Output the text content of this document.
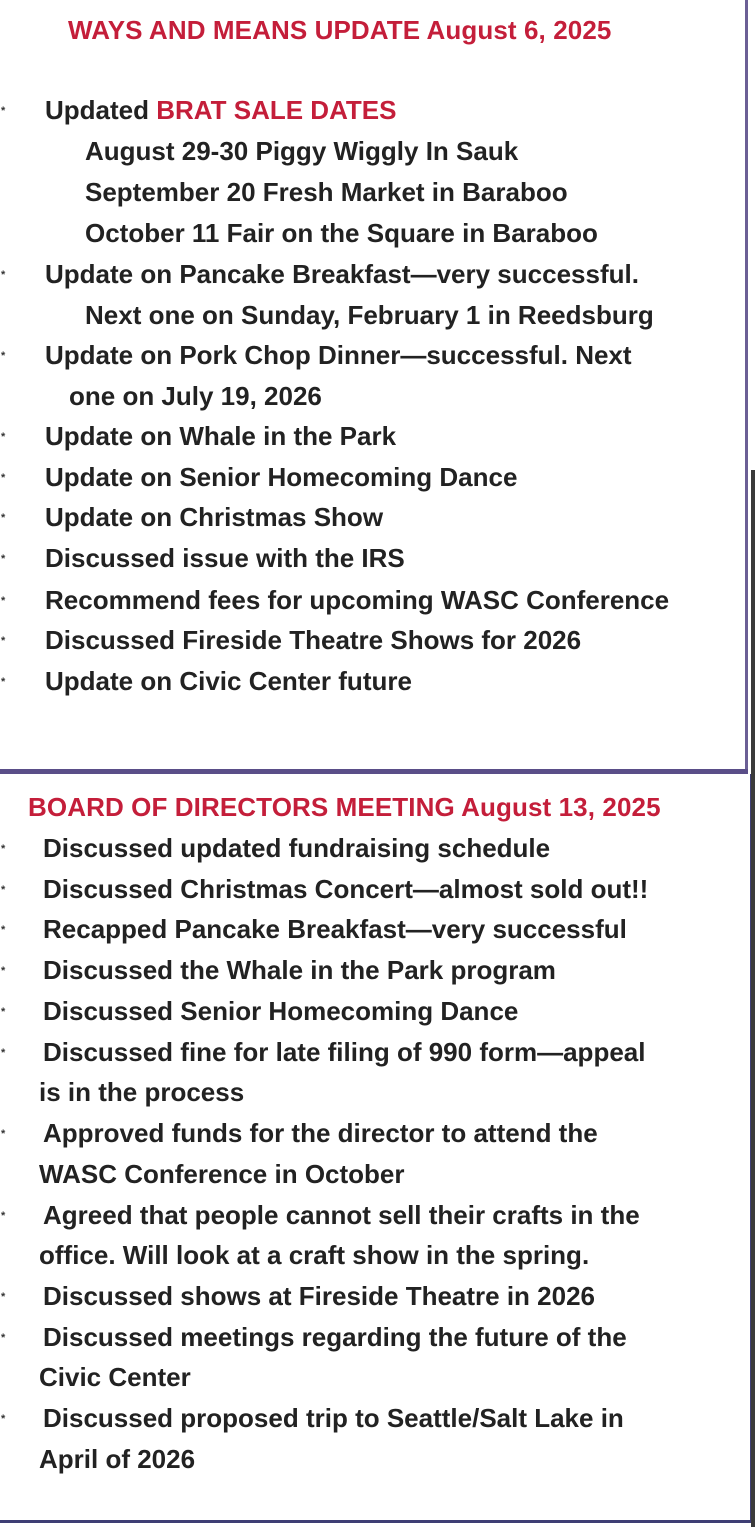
WAYS AND MEANS UPDATE August 6, 2025
* Updated BRAT SALE DATES
August 29-30 Piggy Wiggly In Sauk
September 20 Fresh Market in Baraboo
October 11 Fair on the Square in Baraboo
* Update on Pancake Breakfast—very successful.
Next one on Sunday, February 1 in Reedsburg
* Update on Pork Chop Dinner—successful. Next
one on July 19, 2026
* Update on Whale in the Park
* Update on Senior Homecoming Dance
* Update on Christmas Show
* Discussed issue with the IRS
* Recommend fees for upcoming WASC Conference
* Discussed Fireside Theatre Shows for 2026
* Update on Civic Center future
BOARD OF DIRECTORS MEETING August 13, 2025
* Discussed updated fundraising schedule
* Discussed Christmas Concert—almost sold out!!
* Recapped Pancake Breakfast—very successful
* Discussed the Whale in the Park program
* Discussed Senior Homecoming Dance
* Discussed fine for late filing of 990 form—appeal
is in the process
* Approved funds for the director to attend the
WASC Conference in October
* Agreed that people cannot sell their crafts in the
office. Will look at a craft show in the spring.
* Discussed shows at Fireside Theatre in 2026
* Discussed meetings regarding the future of the
Civic Center
* Discussed proposed trip to Seattle/Salt Lake in
April of 2026
